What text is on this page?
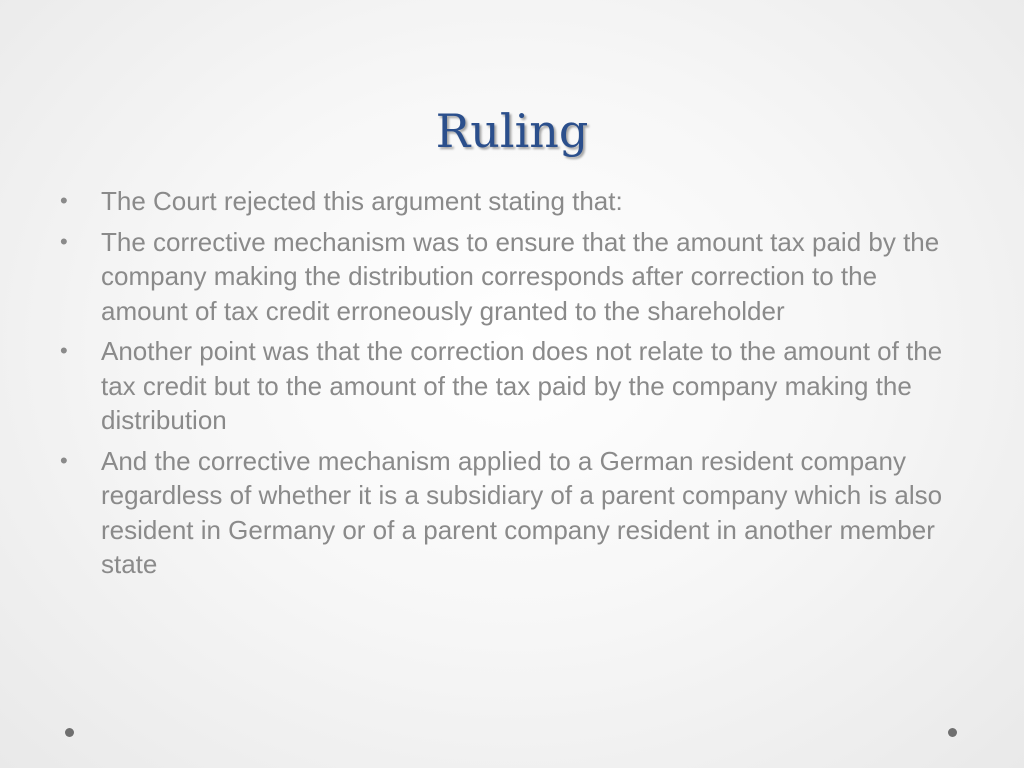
Ruling
•	The Court rejected this argument stating that:
•	The corrective mechanism was to ensure that the amount tax paid by the company making the distribution corresponds after correction to the amount of tax credit erroneously granted to the shareholder
•	Another point was that the correction does not relate to the amount of the tax credit but to the amount of the tax paid by the company making the distribution
•	And the corrective mechanism applied to a German resident company regardless of whether it is a subsidiary of a parent company which is also resident in Germany or of a parent company resident in another member state
